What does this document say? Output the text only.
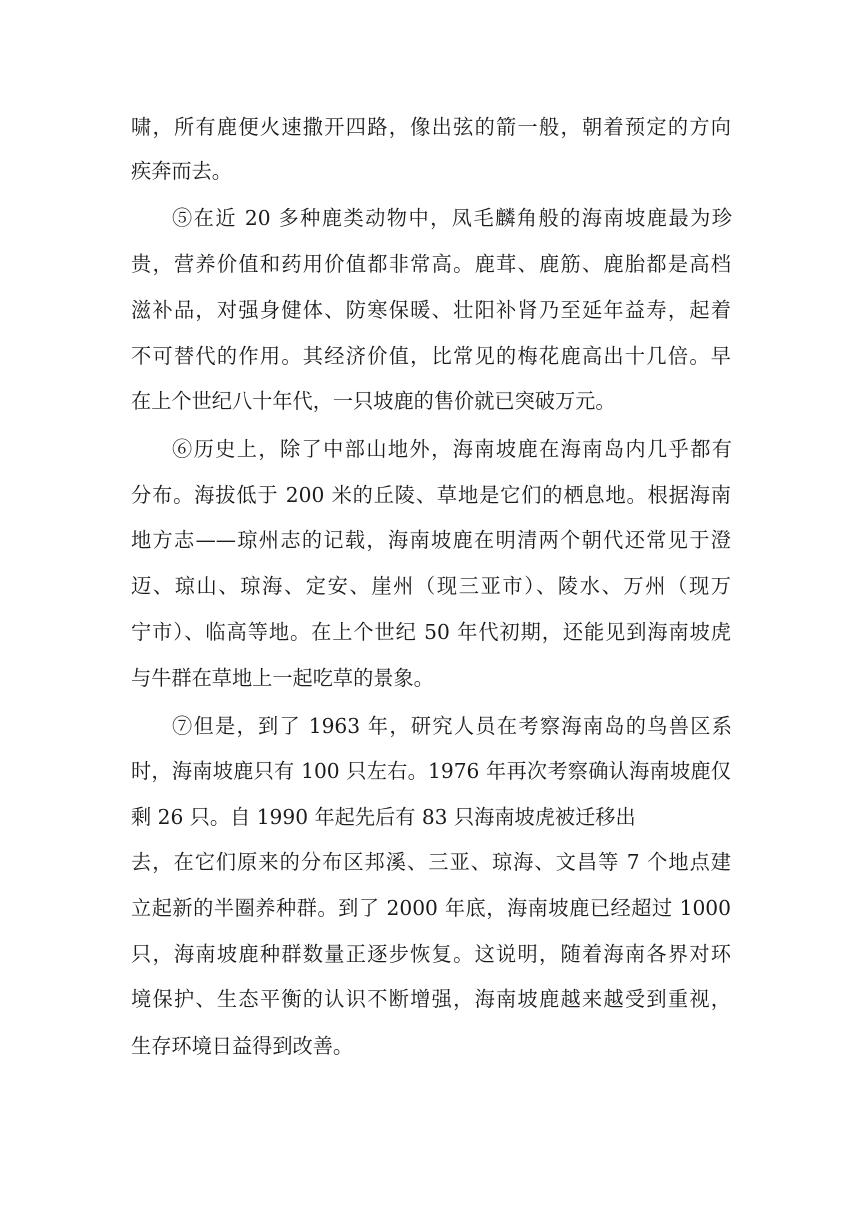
啸，所有鹿便火速撒开四路，像出弦的箭一般，朝着预定的方向
疾奔而去。
⑤在近 20 多种鹿类动物中，凤毛麟角般的海南坡鹿最为珍
贵，营养价值和药用价值都非常高。鹿茸、鹿筋、鹿胎都是高档
滋补品，对强身健体、防寒保暖、壮阳补肾乃至延年益寿，起着
不可替代的作用。其经济价值，比常见的梅花鹿高出十几倍。早
在上个世纪八十年代，一只坡鹿的售价就已突破万元。
⑥历史上，除了中部山地外，海南坡鹿在海南岛内几乎都有
分布。海拔低于 200 米的丘陵、草地是它们的栖息地。根据海南
地方志——琼州志的记载，海南坡鹿在明清两个朝代还常见于澄
迈、琼山、琼海、定安、崖州（现三亚市）、陵水、万州（现万
宁市）、临高等地。在上个世纪 50 年代初期，还能见到海南坡虎
与牛群在草地上一起吃草的景象。
⑦但是，到了 1963 年，研究人员在考察海南岛的鸟兽区系
时，海南坡鹿只有 100 只左右。1976 年再次考察确认海南坡鹿仅
剩 26 只。自 1990 年起先后有 83 只海南坡虎被迁移出
去，在它们原来的分布区邦溪、三亚、琼海、文昌等 7 个地点建
立起新的半圈养种群。到了 2000 年底，海南坡鹿已经超过 1000
只，海南坡鹿种群数量正逐步恢复。这说明，随着海南各界对环
境保护、生态平衡的认识不断增强，海南坡鹿越来越受到重视，
生存环境日益得到改善。
